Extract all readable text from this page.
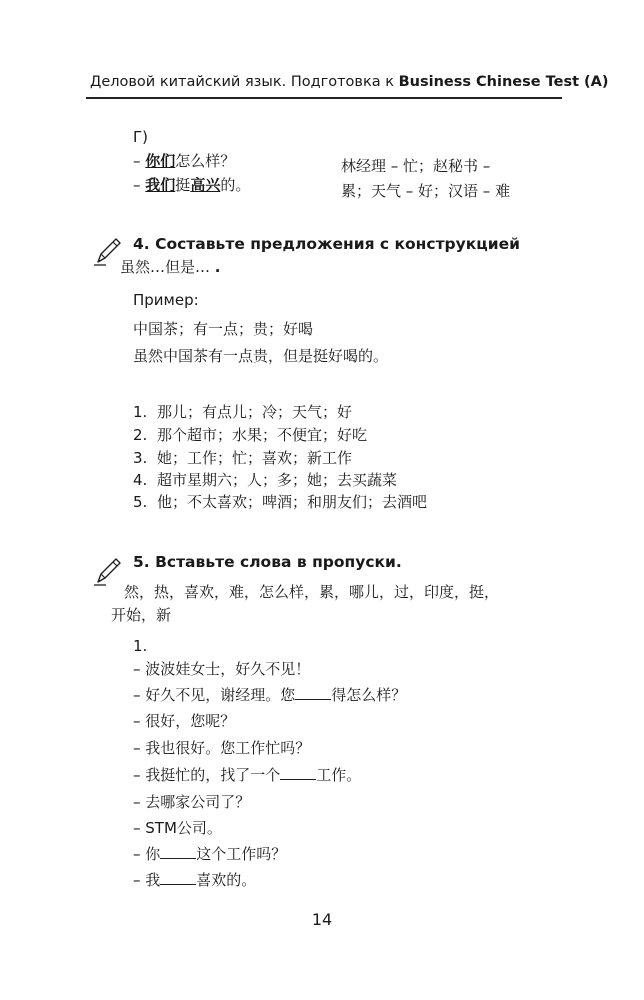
Деловой китайский язык. Подготовка к Business Chinese Test (A)
Г)
– 你们怎么样？
– 我们挺高兴的。
林经理 – 忙；赵秘书 –
累；天气 – 好；汉语 – 难
4. Составьте предложения с конструкцией
虽然…但是… .
Пример:
中国茶；有一点；贵；好喝
虽然中国茶有一点贵，但是挺好喝的。
1. 那儿；有点儿；冷；天气；好
2. 那个超市；水果；不便宜；好吃
3. 她；工作；忙；喜欢；新工作
4. 超市星期六；人；多；她；去买蔬菜
5. 他；不太喜欢；啤酒；和朋友们；去酒吧
5. Вставьте слова в пропуски.
然，热，喜欢，难，怎么样，累，哪儿，过，印度，挺，
开始，新
1.
– 波波娃女士，好久不见！
– 好久不见，谢经理。您 得怎么样？
– 很好，您呢？
– 我也很好。您工作忙吗？
– 我挺忙的，找了一个 工作。
– 去哪家公司了？
– STM公司。
– 你 这个工作吗？
– 我 喜欢的。
14
